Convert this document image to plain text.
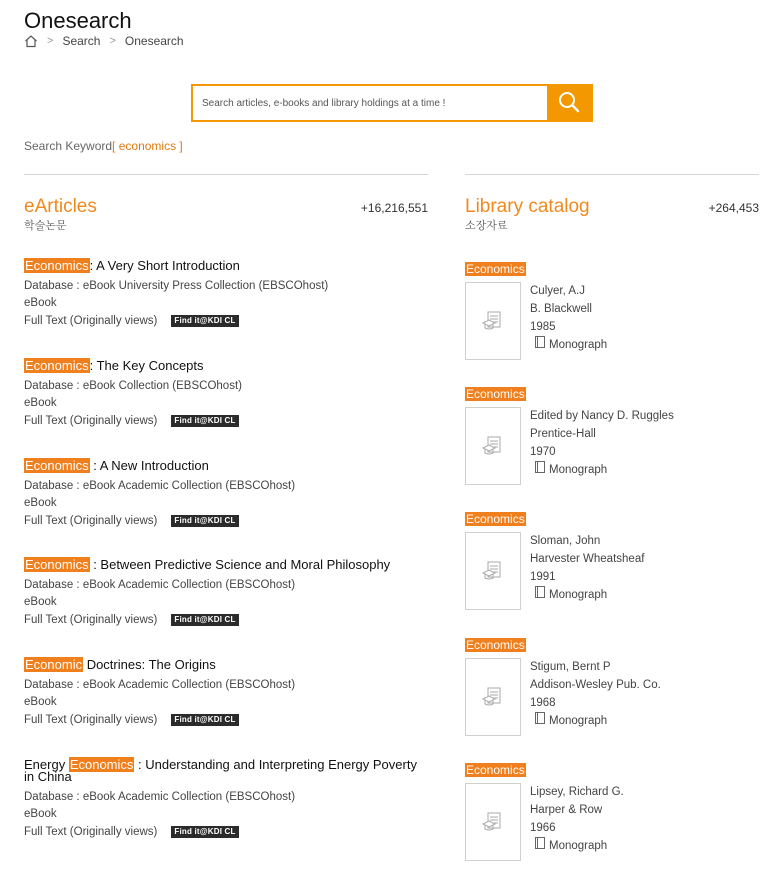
Onesearch
> Search > Onesearch
Search articles, e-books and library holdings at a time !
Search Keyword[ economics ]
eArticles
학술논문
+16,216,551
Economics: A Very Short Introduction
Database : eBook University Press Collection (EBSCOhost)
eBook
Full Text (Originally views)	Find it@KDI CL
Economics: The Key Concepts
Database : eBook Collection (EBSCOhost)
eBook
Full Text (Originally views)	Find it@KDI CL
Economics : A New Introduction
Database : eBook Academic Collection (EBSCOhost)
eBook
Full Text (Originally views)	Find it@KDI CL
Economics : Between Predictive Science and Moral Philosophy
Database : eBook Academic Collection (EBSCOhost)
eBook
Full Text (Originally views)	Find it@KDI CL
Economic Doctrines: The Origins
Database : eBook Academic Collection (EBSCOhost)
eBook
Full Text (Originally views)	Find it@KDI CL
Energy Economics : Understanding and Interpreting Energy Poverty in China
Database : eBook Academic Collection (EBSCOhost)
eBook
Full Text (Originally views)	Find it@KDI CL
Library catalog
소장자료
+264,453
Economics
Culyer, A.J
B. Blackwell
1985
Monograph
Economics
Edited by Nancy D. Ruggles
Prentice-Hall
1970
Monograph
Economics
Sloman, John
Harvester Wheatsheaf
1991
Monograph
Economics
Stigum, Bernt P
Addison-Wesley Pub. Co.
1968
Monograph
Economics
Lipsey, Richard G.
Harper & Row
1966
Monograph
